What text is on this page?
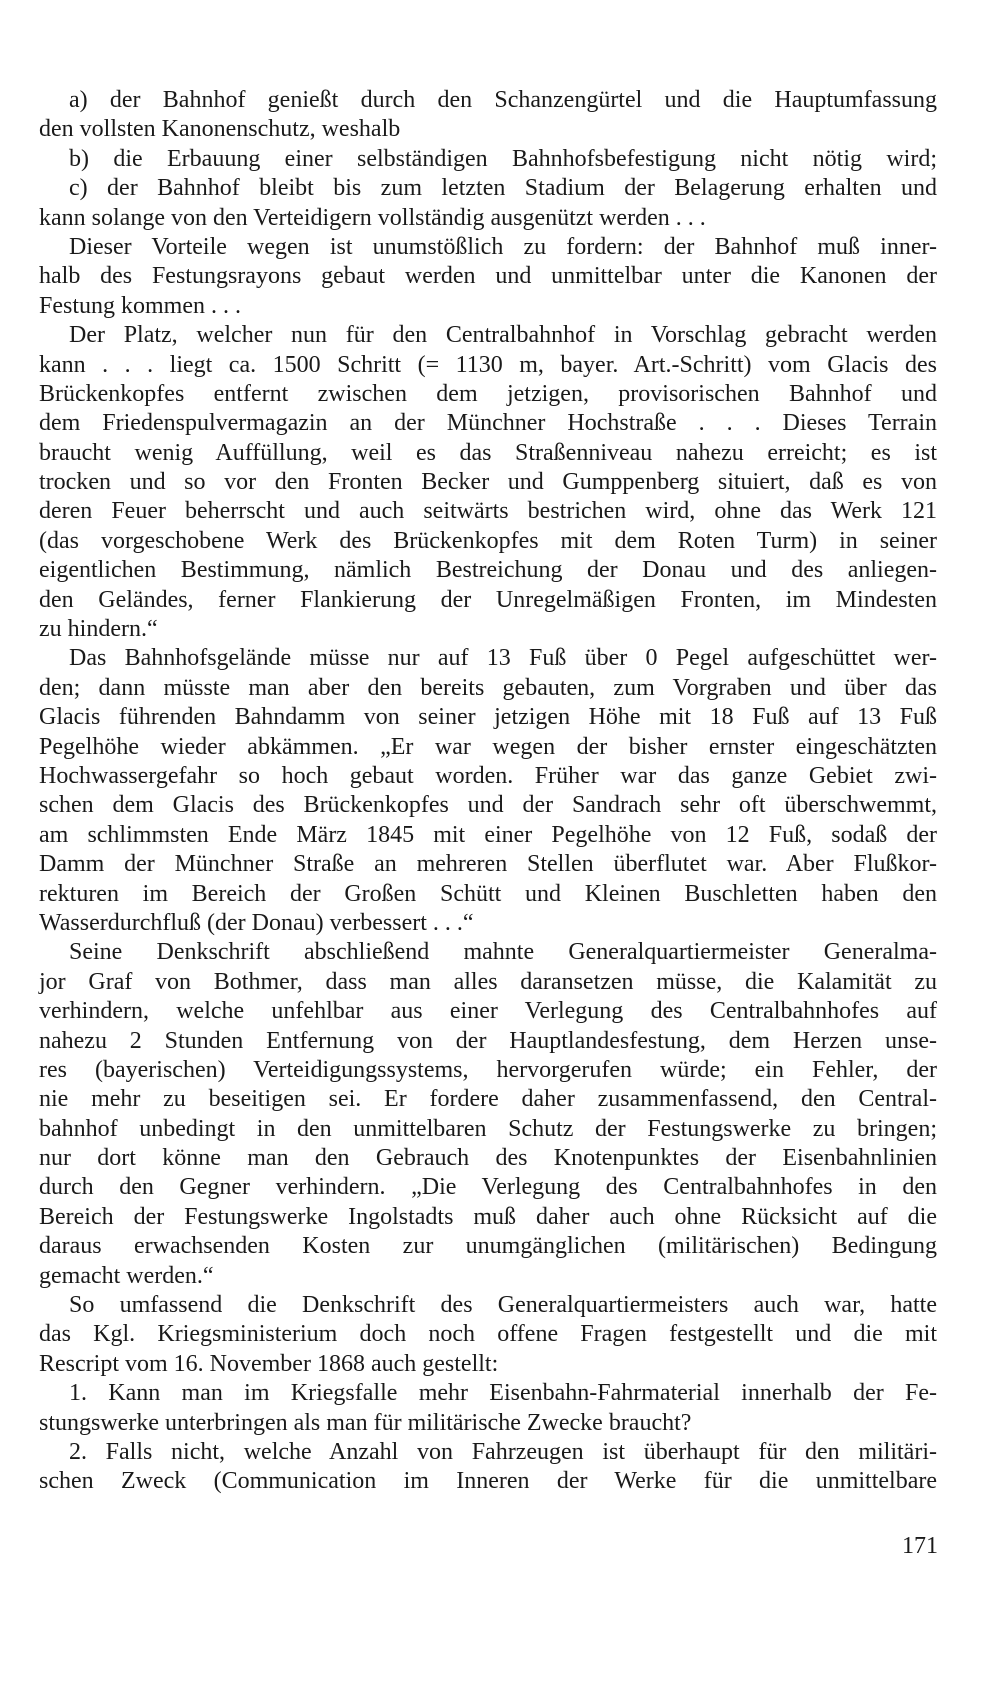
a) der Bahnhof genießt durch den Schanzengürtel und die Hauptumfassung
den vollsten Kanonenschutz, weshalb
b) die Erbauung einer selbständigen Bahnhofsbefestigung nicht nötig wird;
c) der Bahnhof bleibt bis zum letzten Stadium der Belagerung erhalten und
kann solange von den Verteidigern vollständig ausgenützt werden . . .
Dieser Vorteile wegen ist unumstößlich zu fordern: der Bahnhof muß inner-
halb des Festungsrayons gebaut werden und unmittelbar unter die Kanonen der
Festung kommen . . .
Der Platz, welcher nun für den Centralbahnhof in Vorschlag gebracht werden
kann . . . liegt ca. 1500 Schritt (= 1130 m, bayer. Art.-Schritt) vom Glacis des
Brückenkopfes entfernt zwischen dem jetzigen, provisorischen Bahnhof und
dem Friedenspulvermagazin an der Münchner Hochstraße . . . Dieses Terrain
braucht wenig Auffüllung, weil es das Straßenniveau nahezu erreicht; es ist
trocken und so vor den Fronten Becker und Gumppenberg situiert, daß es von
deren Feuer beherrscht und auch seitwärts bestrichen wird, ohne das Werk 121
(das vorgeschobene Werk des Brückenkopfes mit dem Roten Turm) in seiner
eigentlichen Bestimmung, nämlich Bestreichung der Donau und des anliegen-
den Geländes, ferner Flankierung der Unregelmäßigen Fronten, im Mindesten
zu hindern.“
Das Bahnhofsgelände müsse nur auf 13 Fuß über 0 Pegel aufgeschüttet wer-
den; dann müsste man aber den bereits gebauten, zum Vorgraben und über das
Glacis führenden Bahndamm von seiner jetzigen Höhe mit 18 Fuß auf 13 Fuß
Pegelhöhe wieder abkämmen. „Er war wegen der bisher ernster eingeschätzten
Hochwassergefahr so hoch gebaut worden. Früher war das ganze Gebiet zwi-
schen dem Glacis des Brückenkopfes und der Sandrach sehr oft überschwemmt,
am schlimmsten Ende März 1845 mit einer Pegelhöhe von 12 Fuß, sodaß der
Damm der Münchner Straße an mehreren Stellen überflutet war. Aber Flußkor-
rekturen im Bereich der Großen Schütt und Kleinen Buschletten haben den
Wasserdurchfluß (der Donau) verbessert . . .“
Seine Denkschrift abschließend mahnte Generalquartiermeister Generalma-
jor Graf von Bothmer, dass man alles daransetzen müsse, die Kalamität zu
verhindern, welche unfehlbar aus einer Verlegung des Centralbahnhofes auf
nahezu 2 Stunden Entfernung von der Hauptlandesfestung, dem Herzen unse-
res (bayerischen) Verteidigungssystems, hervorgerufen würde; ein Fehler, der
nie mehr zu beseitigen sei. Er fordere daher zusammenfassend, den Central-
bahnhof unbedingt in den unmittelbaren Schutz der Festungswerke zu bringen;
nur dort könne man den Gebrauch des Knotenpunktes der Eisenbahnlinien
durch den Gegner verhindern. „Die Verlegung des Centralbahnhofes in den
Bereich der Festungswerke Ingolstadts muß daher auch ohne Rücksicht auf die
daraus erwachsenden Kosten zur unumgänglichen (militärischen) Bedingung
gemacht werden.“
So umfassend die Denkschrift des Generalquartiermeisters auch war, hatte
das Kgl. Kriegsministerium doch noch offene Fragen festgestellt und die mit
Rescript vom 16. November 1868 auch gestellt:
1. Kann man im Kriegsfalle mehr Eisenbahn-Fahrmaterial innerhalb der Fe-
stungswerke unterbringen als man für militärische Zwecke braucht?
2. Falls nicht, welche Anzahl von Fahrzeugen ist überhaupt für den militäri-
schen Zweck (Communication im Inneren der Werke für die unmittelbare
171
